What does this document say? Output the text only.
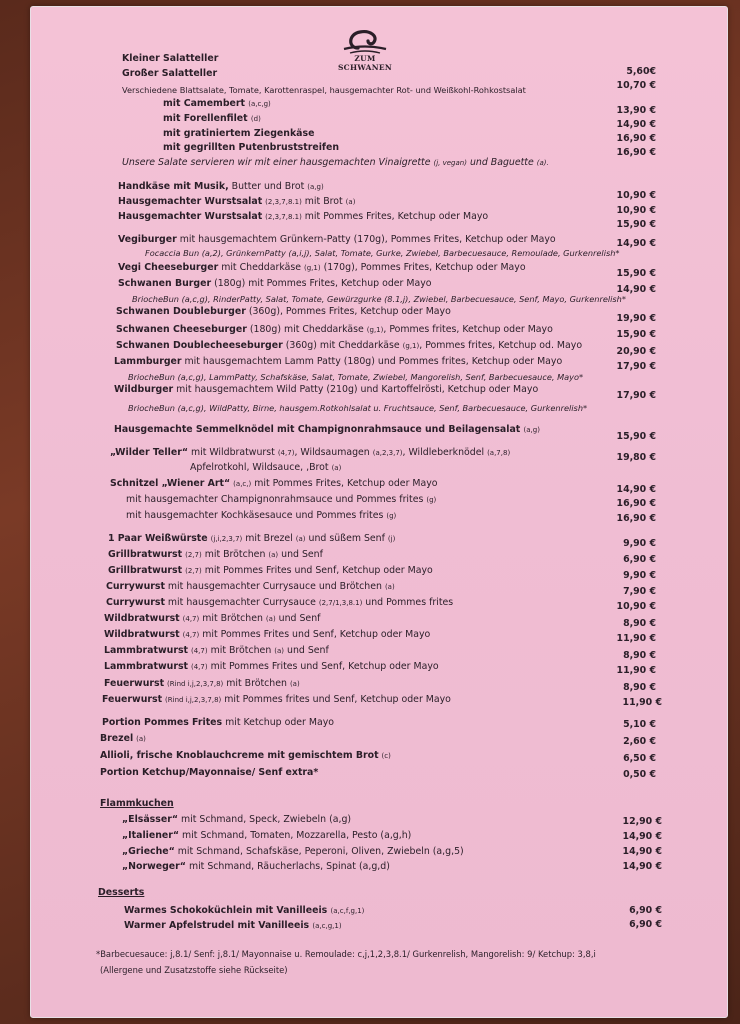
ZUM SCHWANEN
Kleiner Salatteller
5,60€
Großer Salatteller
10,70 €
Verschiedene Blattsalate, Tomate, Karottenraspel, hausgemachter Rot- und Weißkohl-Rohkostsalat
mit Camembert (a,c,g)
13,90 €
mit Forellenfilet (d)	14,90 €
mit gratiniertem Ziegenkäse	16,90 €
mit gegrillten Putenbruststreifen	16,90 €
Unsere Salate servieren wir mit einer hausgemachten Vinaigrette (j, vegan) und Baguette (a).
Handkäse mit Musik, Butter und Brot (a,g)
10,90 €
Hausgemachter Wurstsalat (2,3,7,8.1) mit Brot (a)
10,90 €
Hausgemachter Wurstsalat (2,3,7,8.1) mit Pommes Frites, Ketchup oder Mayo
15,90 €
Vegiburger mit hausgemachtem Grünkern-Patty (170g), Pommes Frites, Ketchup oder Mayo	14,90 €
Focaccia Bun (a,2), GrünkernPatty (a,i,j), Salat, Tomate, Gurke, Zwiebel, Barbecuesauce, Remoulade, Gurkenrelish*
Vegi Cheeseburger mit Cheddarkäse (g,1) (170g), Pommes Frites, Ketchup oder Mayo
15,90 €
Schwanen Burger (180g) mit Pommes Frites, Ketchup oder Mayo
14,90 €
BriocheBun (a,c,g), RinderPatty, Salat, Tomate, Gewürzgurke (8.1,j), Zwiebel, Barbecuesauce, Senf, Mayo, Gurkenrelish*
Schwanen Doubleburger (360g), Pommes Frites, Ketchup oder Mayo
19,90 €
Schwanen Cheeseburger (180g) mit Cheddarkäse (g,1), Pommes frites, Ketchup oder Mayo	15,90 €
Schwanen Doublecheeseburger (360g) mit Cheddarkäse (g,1), Pommes frites, Ketchup od. Mayo
20,90 €
Lammburger mit hausgemachtem Lamm Patty (180g) und Pommes frites, Ketchup oder Mayo	17,90 €
BriocheBun (a,c,g), LammPatty, Schafskäse, Salat, Tomate, Zwiebel, Mangorelish, Senf, Barbecuesauce, Mayo*
Wildburger mit hausgemachtem Wild Patty (210g) und Kartoffelrösti, Ketchup oder Mayo
17,90 €
BriocheBun (a,c,g), WildPatty, Birne, hausgem.Rotkohlsalat u. Fruchtsauce, Senf, Barbecuesauce, Gurkenrelish*
Hausgemachte Semmelknödel mit Champignonrahmsauce und Beilagensalat (a,g)
15,90 €
„Wilder Teller“ mit Wildbratwurst (4,7), Wildsaumagen (a,2,3,7), Wildleberknödel (a,7,8)	19,80 €
Apfelrotkohl, Wildsauce, ,Brot (a)
Schnitzel „Wiener Art“ (a,c,) mit Pommes Frites, Ketchup oder Mayo
14,90 €
mit hausgemachter Champignonrahmsauce und Pommes frites (g)	16,90 €
mit hausgemachter Kochkäsesauce und Pommes frites (g)	16,90 €
1 Paar Weißwürste (j,i,2,3,7) mit Brezel (a) und süßem Senf (j)	9,90 €
Grillbratwurst (2,7) mit Brötchen (a) und Senf	6,90 €
Grillbratwurst (2,7) mit Pommes Frites und Senf, Ketchup oder Mayo	9,90 €
Currywurst mit hausgemachter Currysauce und Brötchen (a)	7,90 €
Currywurst mit hausgemachter Currysauce (2,7/1,3,8.1) und Pommes frites	10,90 €
Wildbratwurst (4,7) mit Brötchen (a) und Senf	8,90 €
Wildbratwurst (4,7) mit Pommes Frites und Senf, Ketchup oder Mayo	11,90 €
Lammbratwurst (4,7) mit Brötchen (a) und Senf	8,90 €
Lammbratwurst (4,7) mit Pommes Frites und Senf, Ketchup oder Mayo	11,90 €
Feuerwurst (Rind i,j,2,3,7,8) mit Brötchen (a)	8,90 €
Feuerwurst (Rind i,j,2,3,7,8) mit Pommes frites und Senf, Ketchup oder Mayo	11,90 €
Portion Pommes Frites mit Ketchup oder Mayo	5,10 €
Brezel (a)	2,60 €
Allioli, frische Knoblauchcreme mit gemischtem Brot (c)	6,50 €
Portion Ketchup/Mayonnaise/ Senf extra*	0,50 €
Flammkuchen
„Elsässer“ mit Schmand, Speck, Zwiebeln (a,g)	12,90 €
„Italiener“ mit Schmand, Tomaten, Mozzarella, Pesto (a,g,h)	14,90 €
„Grieche“ mit Schmand, Schafskäse, Peperoni, Oliven, Zwiebeln (a,g,5)	14,90 €
„Norweger“ mit Schmand, Räucherlachs, Spinat (a,g,d)	14,90 €
Desserts
Warmes Schokoküchlein mit Vanilleeis (a,c,f,g,1)	6,90 €
Warmer Apfelstrudel mit Vanilleeis (a,c,g,1)	6,90 €
*Barbecuesauce: j,8.1/ Senf: j,8.1/ Mayonnaise u. Remoulade: c,j,1,2,3,8.1/ Gurkenrelish, Mangorelish: 9/ Ketchup: 3,8,i
(Allergene und Zusatzstoffe siehe Rückseite)
